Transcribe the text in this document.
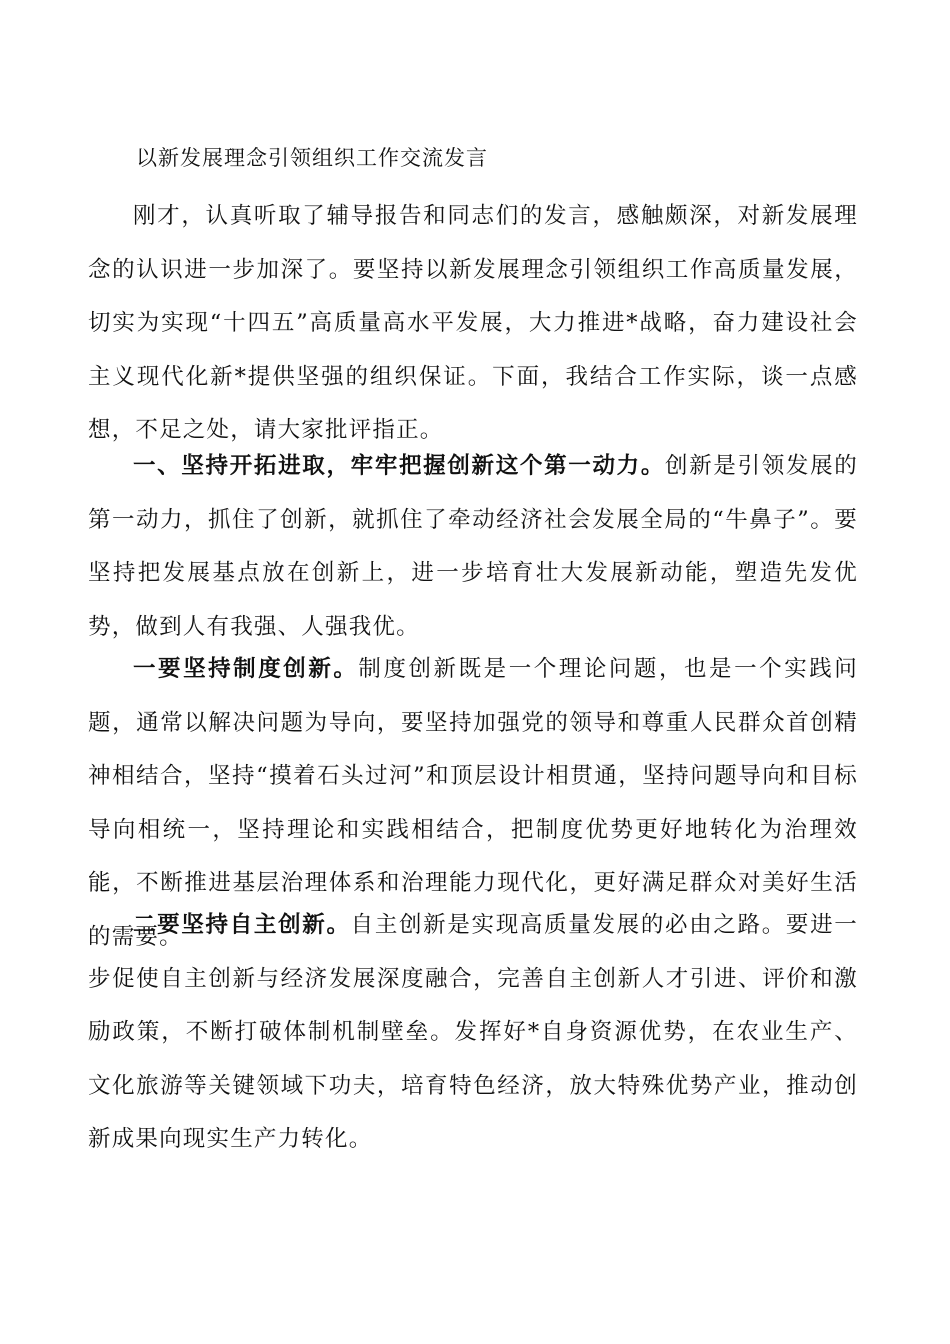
以新发展理念引领组织工作交流发言

刚才，认真听取了辅导报告和同志们的发言，感触颇深，对新发展理念的认识进一步加深了。要坚持以新发展理念引领组织工作高质量发展，切实为实现“十四五”高质量高水平发展，大力推进*战略，奋力建设社会主义现代化新*提供坚强的组织保证。下面，我结合工作实际，谈一点感想，不足之处，请大家批评指正。

一、坚持开拓进取，牢牢把握创新这个第一动力。创新是引领发展的第一动力，抓住了创新，就抓住了牵动经济社会发展全局的“牛鼻子”。要坚持把发展基点放在创新上，进一步培育壮大发展新动能，塑造先发优势，做到人有我强、人强我优。

一要坚持制度创新。制度创新既是一个理论问题，也是一个实践问题，通常以解决问题为导向，要坚持加强党的领导和尊重人民群众首创精神相结合，坚持“摸着石头过河”和顶层设计相贯通，坚持问题导向和目标导向相统一，坚持理论和实践相结合，把制度优势更好地转化为治理效能，不断推进基层治理体系和治理能力现代化，更好满足群众对美好生活的需要。

二要坚持自主创新。自主创新是实现高质量发展的必由之路。要进一步促使自主创新与经济发展深度融合，完善自主创新人才引进、评价和激励政策，不断打破体制机制壁垒。发挥好*自身资源优势，在农业生产、文化旅游等关键领域下功夫，培育特色经济，放大特殊优势产业，推动创新成果向现实生产力转化。
